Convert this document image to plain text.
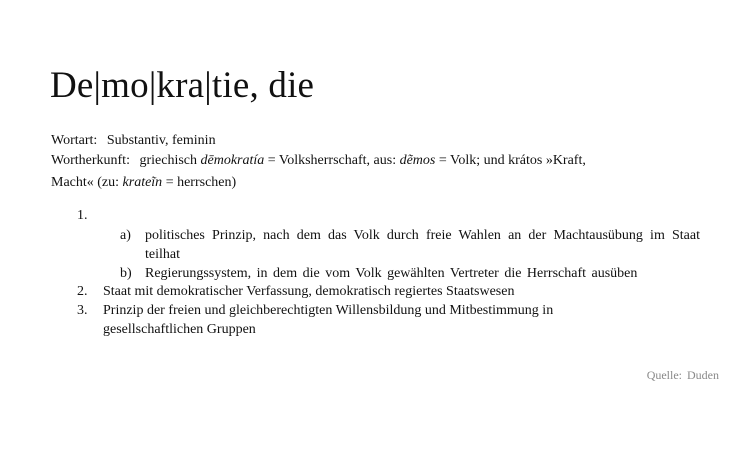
De|mo|kra|tie, die
Wortart: Substantiv, feminin
Wortherkunft: griechisch dēmokratía = Volksherrschaft, aus: dẽmos = Volk; und krátos »Kraft,
Macht« (zu: krateĩn = herrschen)
1.
a)	politisches Prinzip, nach dem das Volk durch freie Wahlen an der Machtausübung im Staat teilhat
b) Regierungssystem, in dem die vom Volk gewählten Vertreter die Herrschaft ausüben
2.	Staat mit demokratischer Verfassung, demokratisch regiertes Staatswesen
3.	Prinzip der freien und gleichberechtigten Willensbildung und Mitbestimmung in gesellschaftlichen Gruppen
Quelle: Duden
